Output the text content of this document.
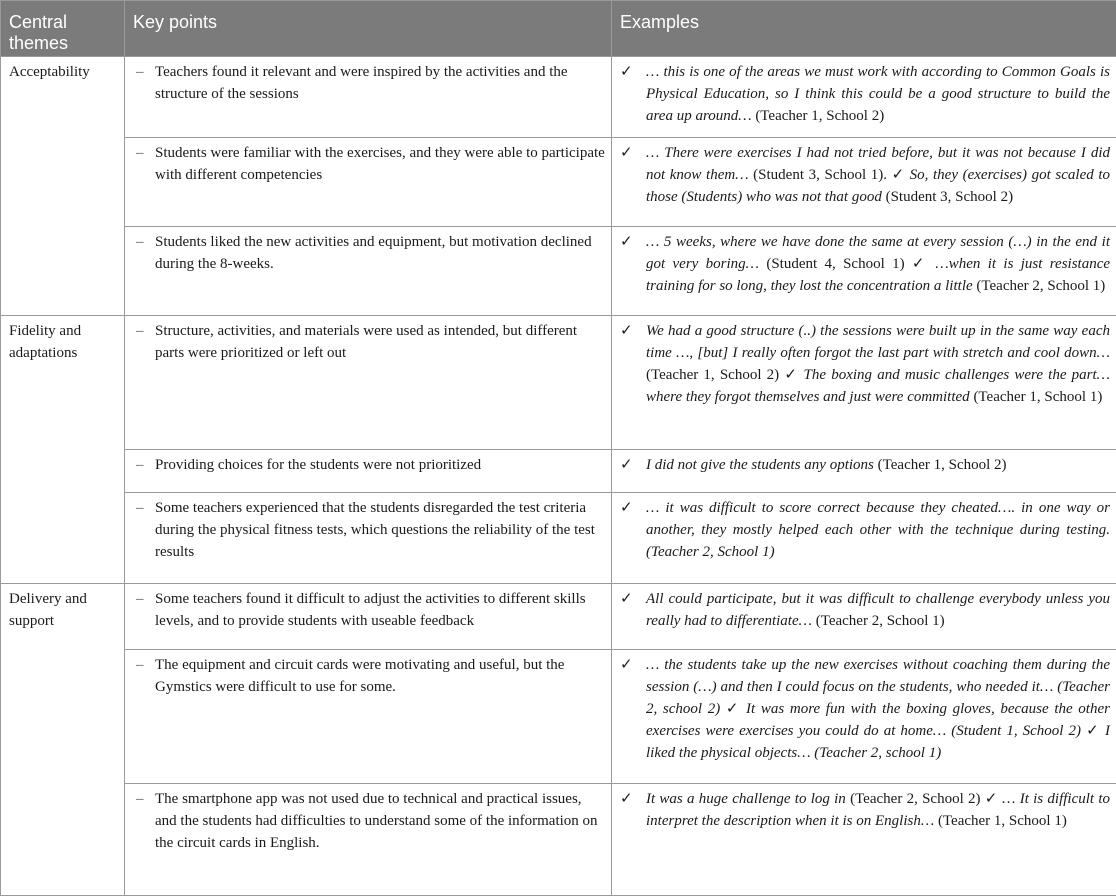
Central themes	Key points	Examples
Acceptability	– Teachers found it relevant and were inspired by the activities and the structure of the sessions	✓ … this is one of the areas we must work with according to Common Goals is Physical Education, so I think this could be a good structure to build the area up around… (Teacher 1, School 2)

	– Students were familiar with the exercises, and they were able to participate with different competencies	✓ … There were exercises I had not tried before, but it was not because I did not know them… (Student 3, School 1). ✓ So, they (exercises) got scaled to those (Students) who was not that good (Student 3, School 2)

	– Students liked the new activities and equipment, but motivation declined during the 8-weeks.	✓ … 5 weeks, where we have done the same at every session (…) in the end it got very boring… (Student 4, School 1) ✓ …when it is just resistance training for so long, they lost the concentration a little (Teacher 2, School 1)

Fidelity and adaptations	– Structure, activities, and materials were used as intended, but different parts were prioritized or left out	✓ We had a good structure (..) the sessions were built up in the same way each time …, [but] I really often forgot the last part with stretch and cool down… (Teacher 1, School 2) ✓ The boxing and music challenges were the part… where they forgot themselves and just were committed (Teacher 1, School 1)

	– Providing choices for the students were not prioritized	✓ I did not give the students any options (Teacher 1, School 2)

	– Some teachers experienced that the students disregarded the test criteria during the physical fitness tests, which questions the reliability of the test results	✓ … it was difficult to score correct because they cheated…. in one way or another, they mostly helped each other with the technique during testing. (Teacher 2, School 1)

Delivery and support	– Some teachers found it difficult to adjust the activities to different skills levels, and to provide students with useable feedback	✓ All could participate, but it was difficult to challenge everybody unless you really had to differentiate… (Teacher 2, School 1)

	– The equipment and circuit cards were motivating and useful, but the Gymstics were difficult to use for some.	✓ … the students take up the new exercises without coaching them during the session (…) and then I could focus on the students, who needed it… (Teacher 2, school 2) ✓ It was more fun with the boxing gloves, because the other exercises were exercises you could do at home… (Student 1, School 2) ✓ I liked the physical objects… (Teacher 2, school 1)

	– The smartphone app was not used due to technical and practical issues, and the students had difficulties to understand some of the information on the circuit cards in English.	✓ It was a huge challenge to log in (Teacher 2, School 2) ✓ … It is difficult to interpret the description when it is on English… (Teacher 1, School 1)
